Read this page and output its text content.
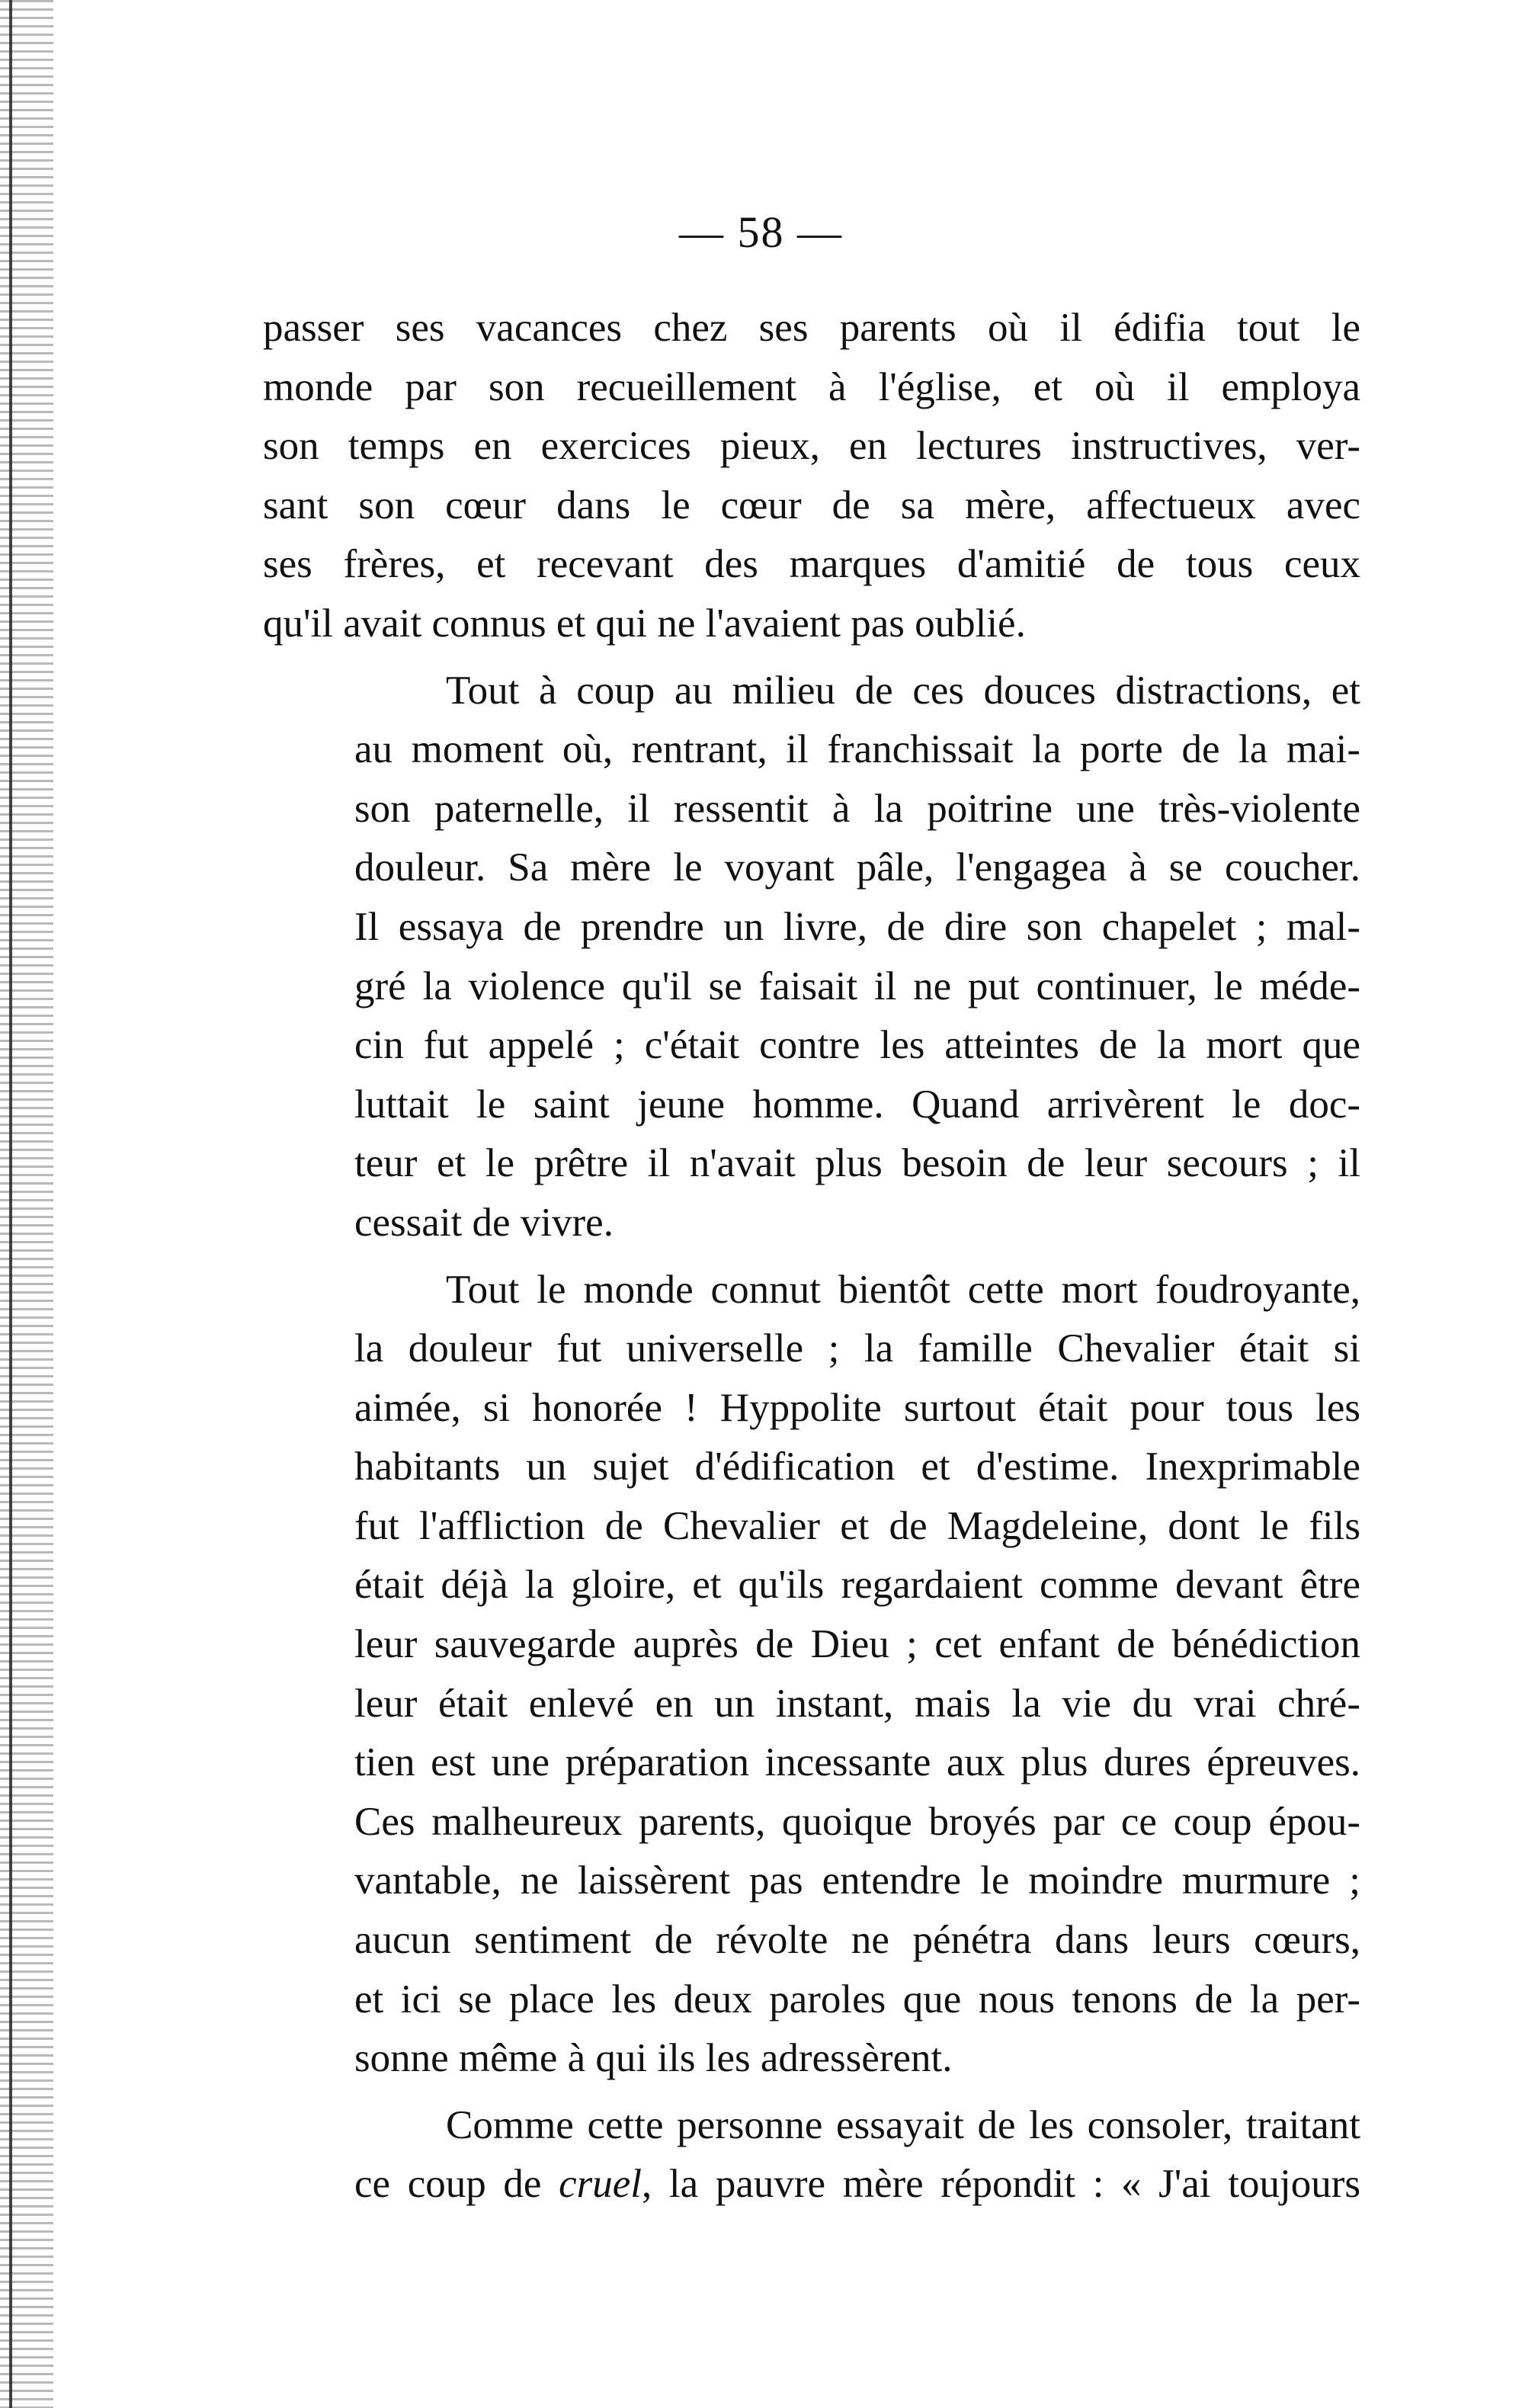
— 58 —
passer ses vacances chez ses parents où il édifia tout le
monde par son recueillement à l'église, et où il employa
son temps en exercices pieux, en lectures instructives, ver-
sant son cœur dans le cœur de sa mère, affectueux avec
ses frères, et recevant des marques d'amitié de tous ceux
qu'il avait connus et qui ne l'avaient pas oublié.
Tout à coup au milieu de ces douces distractions, et
au moment où, rentrant, il franchissait la porte de la mai-
son paternelle, il ressentit à la poitrine une très-violente
douleur. Sa mère le voyant pâle, l'engagea à se coucher.
Il essaya de prendre un livre, de dire son chapelet ; mal-
gré la violence qu'il se faisait il ne put continuer, le méde-
cin fut appelé ; c'était contre les atteintes de la mort que
luttait le saint jeune homme. Quand arrivèrent le doc-
teur et le prêtre il n'avait plus besoin de leur secours ; il
cessait de vivre.
Tout le monde connut bientôt cette mort foudroyante,
la douleur fut universelle ; la famille Chevalier était si
aimée, si honorée ! Hyppolite surtout était pour tous les
habitants un sujet d'édification et d'estime. Inexprimable
fut l'affliction de Chevalier et de Magdeleine, dont le fils
était déjà la gloire, et qu'ils regardaient comme devant être
leur sauvegarde auprès de Dieu ; cet enfant de bénédiction
leur était enlevé en un instant, mais la vie du vrai chré-
tien est une préparation incessante aux plus dures épreuves.
Ces malheureux parents, quoique broyés par ce coup épou-
vantable, ne laissèrent pas entendre le moindre murmure ;
aucun sentiment de révolte ne pénétra dans leurs cœurs,
et ici se place les deux paroles que nous tenons de la per-
sonne même à qui ils les adressèrent.
Comme cette personne essayait de les consoler, traitant
ce coup de cruel, la pauvre mère répondit : « J'ai toujours
